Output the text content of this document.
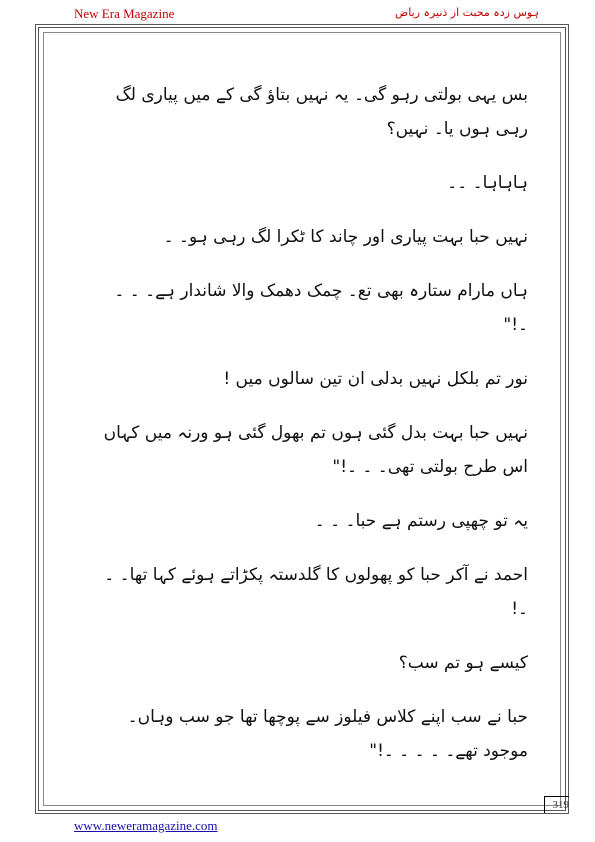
New Era Magazine	ہوس زدہ محبت از ذنیرہ ریاض

بس یہی بولتی رہو گی۔ یہ نہیں بتاؤ گی کے میں پیاری لگ رہی ہوں یا۔ نہیں؟

ہاہاہا۔ ۔۔

نہیں حبا بہت پیاری اور چاند کا ٹکرا لگ رہی ہو۔ ۔

ہاں مارام ستارہ بھی تع۔ چمک دھمک والا شاندار ہے۔ ۔ ۔ ۔!"

نور تم بلکل نہیں بدلی ان تین سالوں میں !

نہیں حبا بہت بدل گئی ہوں تم بھول گئی ہو ورنہ میں کہاں اس طرح بولتی تھی۔ ۔ ۔!"

یہ تو چھپی رستم ہے حبا۔ ۔ ۔

احمد نے آکر حبا کو پھولوں کا گلدستہ پکڑاتے ہوئے کہا تھا۔ ۔ ۔!

کیسے ہو تم سب؟

حبا نے سب اپنے کلاس فیلوز سے پوچھا تھا جو سب وہاں۔ موجود تھے۔ ۔ ۔ ۔ ۔!"

319
www.neweramagazine.com
